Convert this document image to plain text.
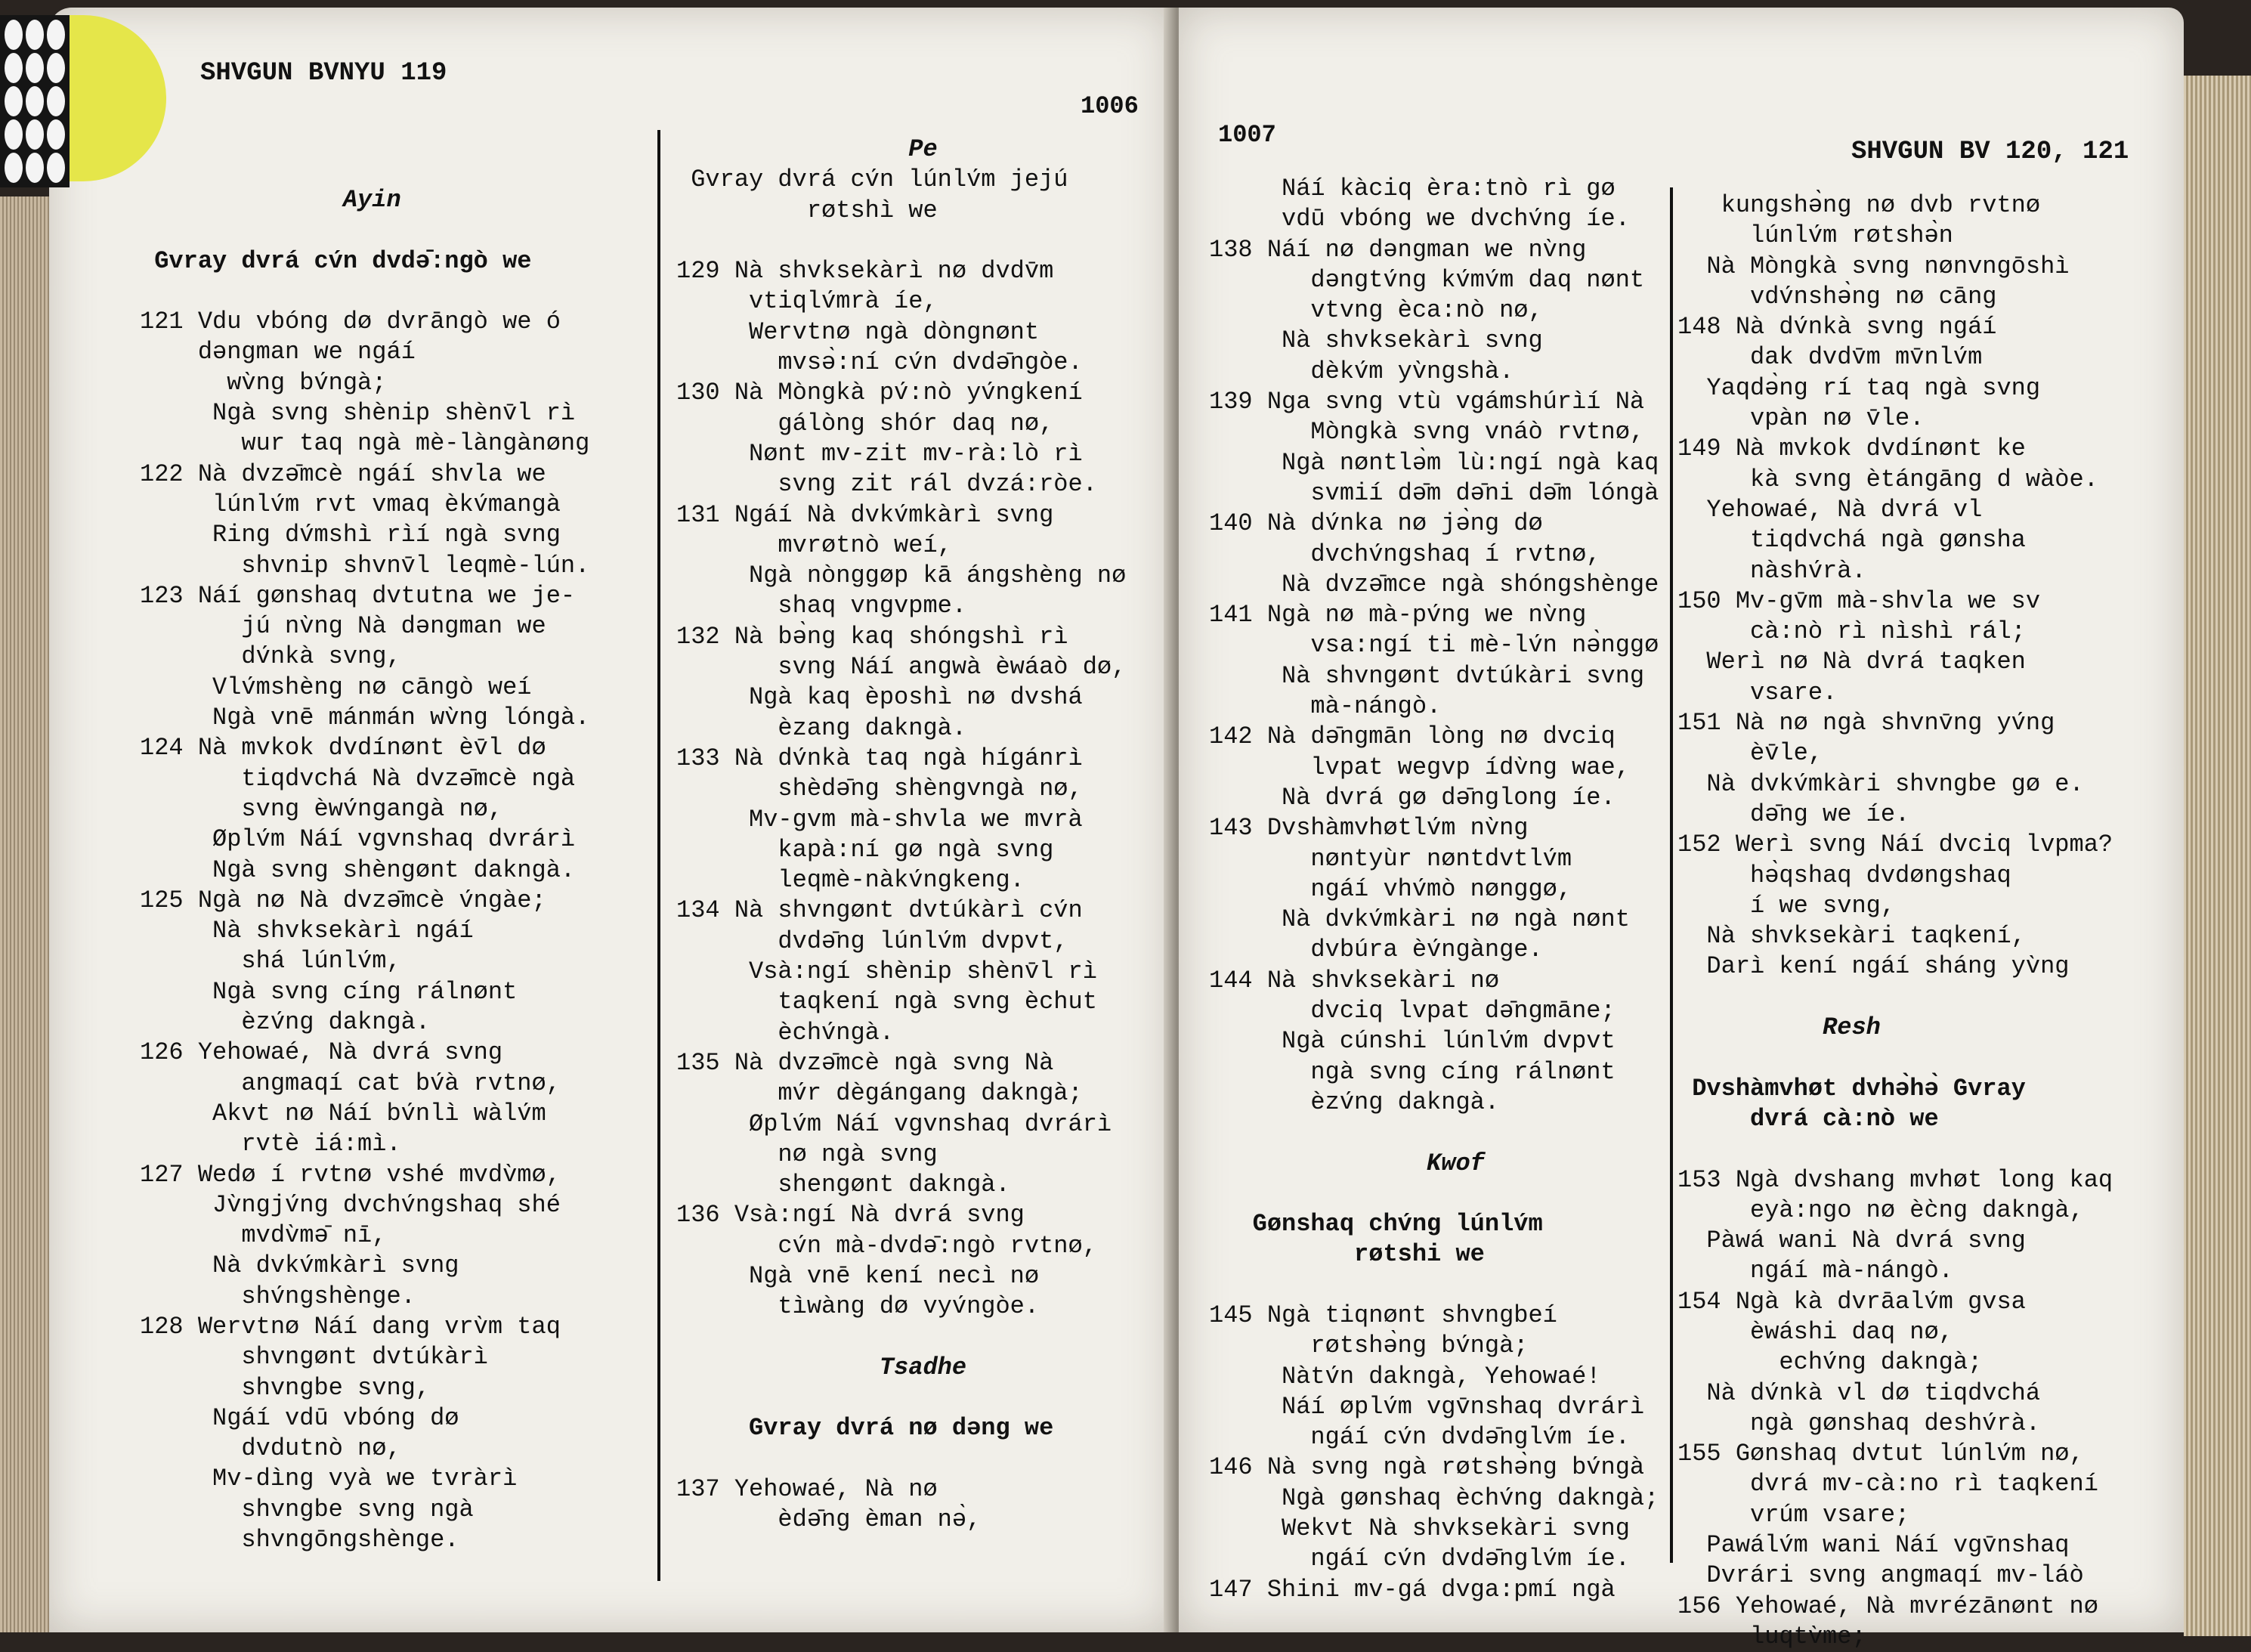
SHVGUN BVNYU 119
1006
Ayin
Gvray dvrá cv́n dvdə̄:ngò we
121 Vdu vbóng dø dvrāngò we ó
dəngman we ngáí
wv̀ng bv́ngà;
Ngà svng shènip shènv̄l rì
wur taq ngà mè-làngànøng
122 Nà dvzə̄mcè ngáí shvla we
lúnlv́m rvt vmaq èkv́mangà
Ring dv́mshì rìí ngà svng
shvnip shvnv̄l leqmè-lún.
123 Náí gønshaq dvtutna we je-
jú nv̀ng Nà dəngman we
dv́nkà svng,
Vlv́mshèng nø cāngò weí
Ngà vnē mánmán wv̀ng lóngà.
124 Nà mvkok dvdínønt èv̄l dø
tiqdvchá Nà dvzə̄mcè ngà
svng èwv́ngangà nø,
Øplv́m Náí vgvnshaq dvrárì
Ngà svng shèngønt dakngà.
125 Ngà nø Nà dvzə̄mcè v́ngàe;
Nà shvksekàrì ngáí
shá lúnlv́m,
Ngà svng cíng rálnønt
èzv́ng dakngà.
126 Yehowaé, Nà dvrá svng
angmaqí cat bv́à rvtnø,
Akvt nø Náí bv́nlì wàlv́m
rvtè iá:mì.
127 Wedø í rvtnø vshé mvdv̀mø,
Jv̀ngjv́ng dvchv́ngshaq shé
mvdv̀mə̄ nī,
Nà dvkv́mkàrì svng
shv́ngshènge.
128 Wervtnø Náí dang vrv̀m taq
shvngønt dvtúkàrì
shvngbe svng,
Ngáí vdū vbóng dø
dvdutnò nø,
Mv-dìng vyà we tvràrì
shvngbe svng ngà
shvngōngshènge.
Pe
Gvray dvrá cv́n lúnlv́m jejú
røtshì we
129 Nà shvksekàrì nø dvdv̄m
vtiqlv́mrà íe,
Wervtnø ngà dòngnønt
mvsə̀:ní cv́n dvdə̄ngòe.
130 Nà Mòngkà pv́:nò yv́ngkení
gálòng shór daq nø,
Nønt mv-zit mv-rà:lò rì
svng zit rál dvzá:ròe.
131 Ngáí Nà dvkv́mkàrì svng
mvrøtnò weí,
Ngà nònggøp kā ángshèng nø
shaq vngvpme.
132 Nà bə̀ng kaq shóngshì rì
svng Náí angwà èwáaò dø,
Ngà kaq èposhì nø dvshá
èzang dakngà.
133 Nà dv́nkà taq ngà hígánrì
shèdə̄ng shèngvngà nø,
Mv-gvm mà-shvla we mvrà
kapà:ní gø ngà svng
leqmè-nàkv́ngkeng.
134 Nà shvngønt dvtúkàrì cv́n
dvdə̄ng lúnlv́m dvpvt,
Vsà:ngí shènip shènv̄l rì
taqkení ngà svng èchut
èchv́ngà.
135 Nà dvzə̄mcè ngà svng Nà
mv́r dègángang dakngà;
Øplv́m Náí vgvnshaq dvrárì
nø ngà svng
shengønt dakngà.
136 Vsà:ngí Nà dvrá svng
cv́n mà-dvdə̄:ngò rvtnø,
Ngà vnē kení necì nø
tìwàng dø vyv́ngòe.
Tsadhe
Gvray dvrá nø dəng we
137 Yehowaé, Nà nø
èdə̄ng èman nə̀,
1007
SHVGUN BV 120, 121
Náí kàciq èra:tnò rì gø
vdū vbóng we dvchv́ng íe.
138 Náí nø dəngman we nv̀ng
dəngtv́ng kv́mv́m daq nønt
vtvng èca:nò nø,
Nà shvksekàrì svng
dèkv́m yv̀ngshà.
139 Nga svng vtù vgámshúrìí Nà
Mòngkà svng vnáò rvtnø,
Ngà nøntlə̀m lù:ngí ngà kaq
svmií də̄m də̄ni də̄m lóngà
140 Nà dv́nka nø jə̀ng dø
dvchv́ngshaq í rvtnø,
Nà dvzə̄mce ngà shóngshènge
141 Ngà nø mà-pv́ng we nv̀ng
vsa:ngí ti mè-lv́n nə̀nggø
Nà shvngønt dvtúkàri svng
mà-nángò.
142 Nà də̄ngmān lòng nø dvciq
lvpat wegvp ídv̀ng wae,
Nà dvrá gø də̄nglong íe.
143 Dvshàmvhøtlv́m nv̀ng
nøntyùr nøntdvtlv́m
ngáí vhv́mò nønggø,
Nà dvkv́mkàri nø ngà nønt
dvbúra èv́ngànge.
144 Nà shvksekàri nø
dvciq lvpat də̄ngmāne;
Ngà cúnshi lúnlv́m dvpvt
ngà svng cíng rálnønt
èzv́ng dakngà.
Kwof
Gønshaq chv́ng lúnlv́m
røtshi we
145 Ngà tiqnønt shvngbeí
røtshə̀ng bv́ngà;
Nàtv́n dakngà, Yehowaé!
Náí øplv́m vgv̄nshaq dvrárì
ngáí cv́n dvdə̄nglv́m íe.
146 Nà svng ngà røtshə̀ng bv́ngà
Ngà gønshaq èchv́ng dakngà;
Wekvt Nà shvksekàri svng
ngáí cv́n dvdə̄nglv́m íe.
147 Shini mv-gá dvga:pmí ngà
kungshə̀ng nø dvb rvtnø
lúnlv́m røtshə̀n
Nà Mòngkà svng nønvngōshì
vdv́nshə̀ng nø cāng
148 Nà dv́nkà svng ngáí
dak dvdv̄m mv̄nlv́m
Yaqdə̀ng rí taq ngà svng
vpàn nø v̄le.
149 Nà mvkok dvdínønt ke
kà svng ètángāng d wàòe.
Yehowaé, Nà dvrá vl
tiqdvchá ngà gønsha
nàshv́rà.
150 Mv-gv̄m mà-shvla we sv
cà:nò rì nìshì rál;
Werì nø Nà dvrá taqken
vsare.
151 Nà nø ngà shvnv̄ng yv́ng
èv̄le,
Nà dvkv́mkàri shvngbe gø e.
də̄ng we íe.
152 Werì svng Náí dvciq lvpma?
hə̀qshaq dvdøngshaq
í we svng,
Nà shvksekàri taqkení,
Darì kení ngáí sháng yv̀ng
Resh
Dvshàmvhøt dvhə̀hə̀ Gvray
dvrá cà:nò we
153 Ngà dvshang mvhøt long kaq
eyà:ngo nø èc̀ng dakngà,
Pàwá wani Nà dvrá svng
ngáí mà-nángò.
154 Ngà kà dvrāalv́m gvsa
èwáshi daq nø,
echv́ng dakngà;
Nà dv́nkà vl dø tiqdvchá
ngà gønshaq deshv́rà.
155 Gønshaq dvtut lúnlv́m nø,
dvrá mv-cà:no rì taqkení
vrúm vsare;
Pawálv́m wani Náí vgv̄nshaq
Dvrári svng angmaqí mv-láò
156 Yehowaé, Nà mvrézānønt nø
luqtv̀me;
